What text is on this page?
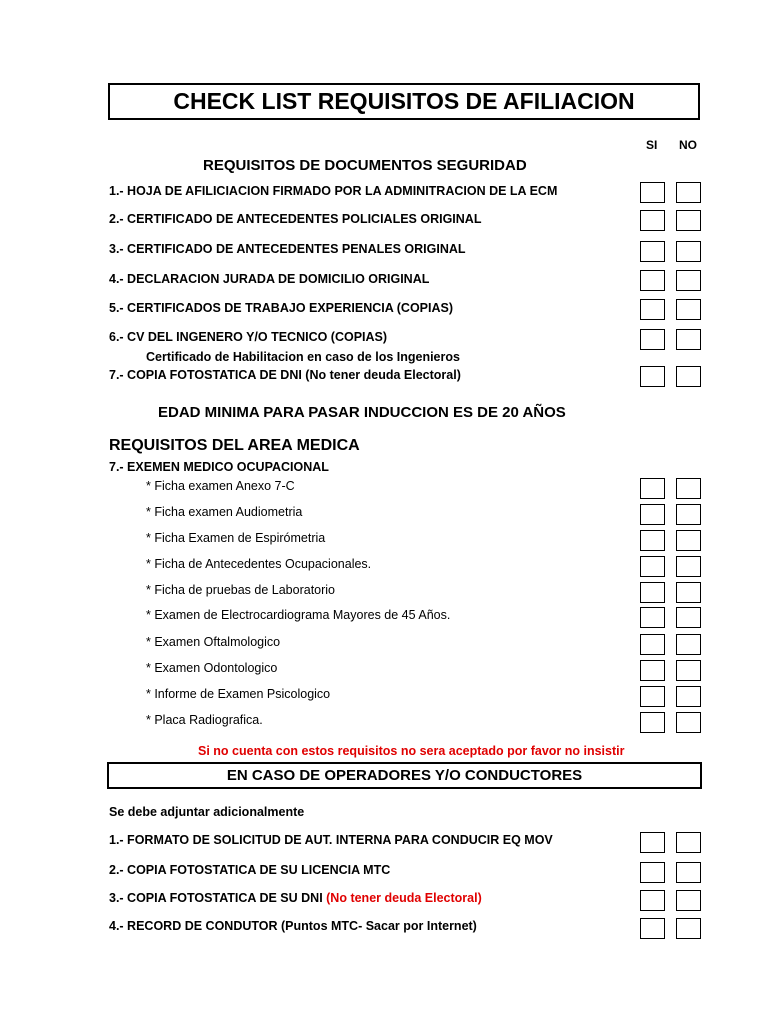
CHECK LIST REQUISITOS DE AFILIACION
SI NO
REQUISITOS DE DOCUMENTOS SEGURIDAD
1.- HOJA DE AFILICIACION FIRMADO POR LA ADMINITRACION DE LA ECM
2.- CERTIFICADO DE ANTECEDENTES POLICIALES ORIGINAL
3.- CERTIFICADO DE ANTECEDENTES PENALES ORIGINAL
4.- DECLARACION JURADA DE DOMICILIO ORIGINAL
5.- CERTIFICADOS DE TRABAJO EXPERIENCIA (COPIAS)
6.- CV DEL INGENERO Y/O TECNICO (COPIAS)
Certificado de Habilitacion en caso de los Ingenieros
7.- COPIA FOTOSTATICA DE DNI (No tener deuda Electoral)
EDAD MINIMA PARA PASAR INDUCCION ES DE 20 AÑOS
REQUISITOS DEL AREA MEDICA
7.- EXEMEN MEDICO OCUPACIONAL
* Ficha examen Anexo 7-C
* Ficha examen Audiometria
* Ficha Examen de Espirómetria
* Ficha de Antecedentes Ocupacionales.
* Ficha de pruebas de Laboratorio
* Examen de Electrocardiograma Mayores de 45 Años.
* Examen Oftalmologico
* Examen Odontologico
* Informe de Examen Psicologico
* Placa Radiografica.
Si no cuenta con estos requisitos no sera aceptado por favor no insistir
EN CASO DE OPERADORES Y/O CONDUCTORES
Se debe adjuntar adicionalmente
1.- FORMATO DE SOLICITUD DE AUT. INTERNA PARA CONDUCIR EQ MOV
2.- COPIA FOTOSTATICA DE SU LICENCIA MTC
3.- COPIA FOTOSTATICA DE SU DNI (No tener deuda Electoral)
4.- RECORD DE CONDUTOR (Puntos MTC- Sacar por Internet)
